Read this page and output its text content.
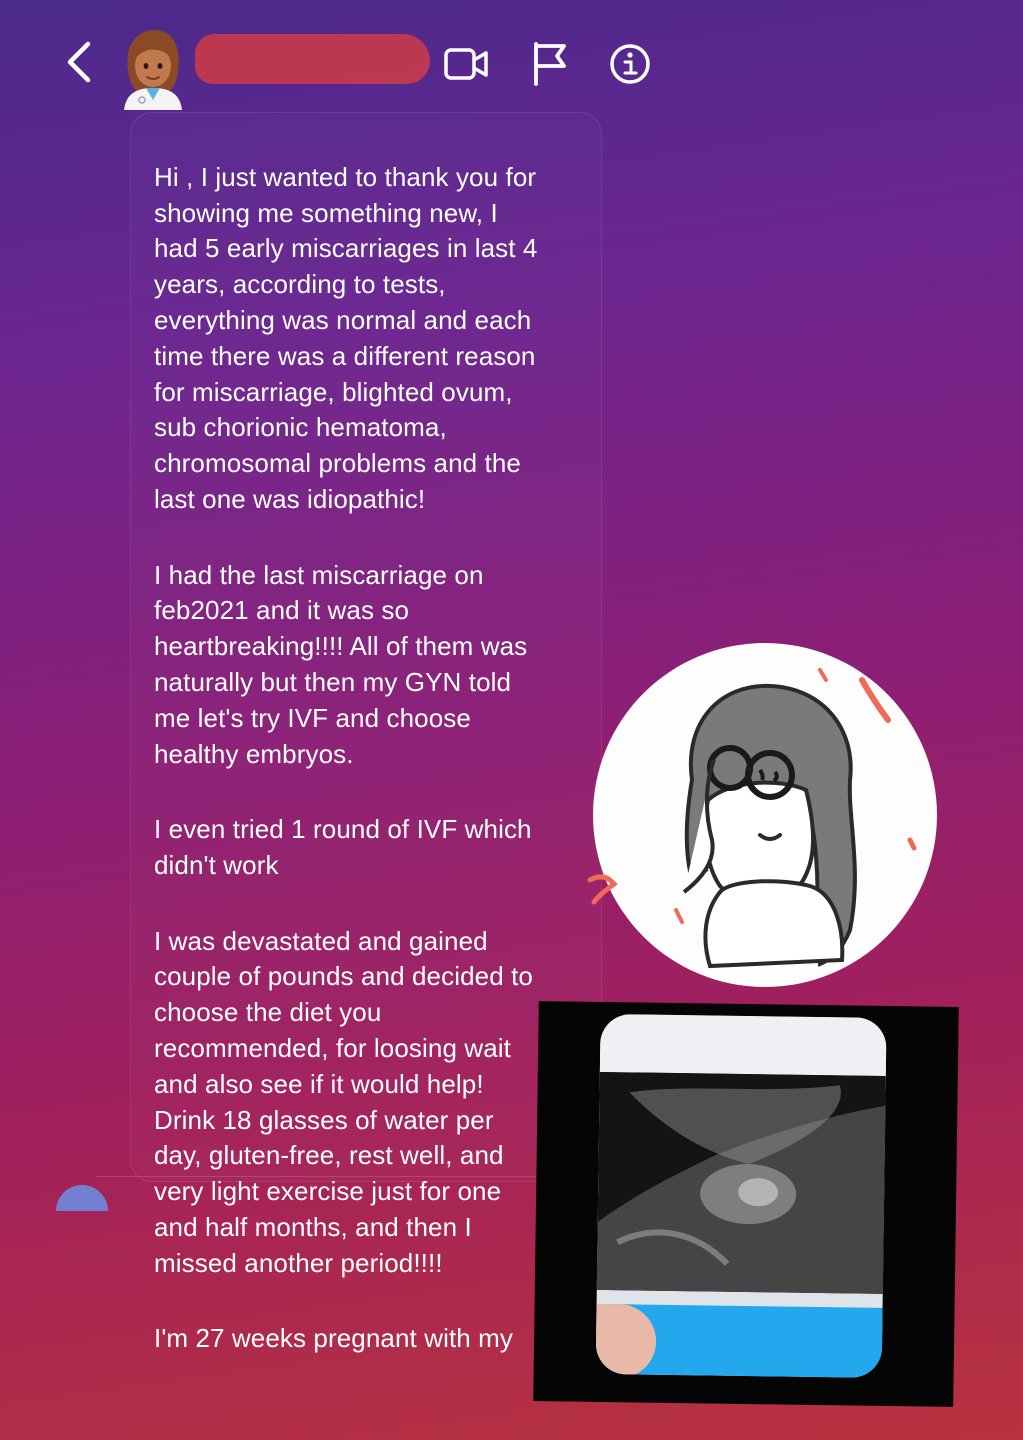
Hi , I just wanted to thank you for
showing me something new, I
had 5 early miscarriages in last 4
years, according to tests,
everything was normal and each
time there was a different reason
for miscarriage, blighted ovum,
sub chorionic hematoma,
chromosomal problems and the
last one was idiopathic!

I had the last miscarriage on
feb2021 and it was so
heartbreaking!!!! All of them was
naturally but then my GYN told
me let's try IVF and choose
healthy embryos.

I even tried 1 round of IVF which
didn't work

I was devastated and gained
couple of pounds and decided to
choose the diet you
recommended, for loosing wait
and also see if it would help!
Drink 18 glasses of water per
day, gluten-free, rest well, and
very light exercise just for one
and half months, and then I
missed another period!!!!

I'm 27 weeks pregnant with my
